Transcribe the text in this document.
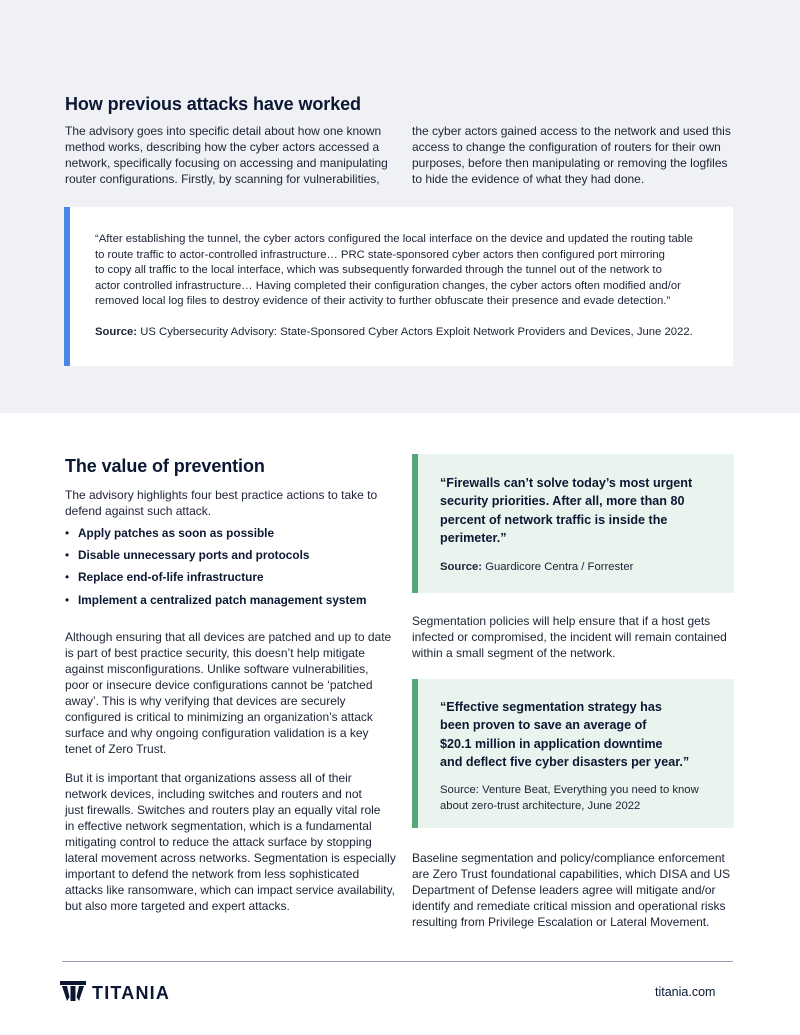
How previous attacks have worked
The advisory goes into specific detail about how one known
method works, describing how the cyber actors accessed a
network, specifically focusing on accessing and manipulating
router configurations. Firstly, by scanning for vulnerabilities,
the cyber actors gained access to the network and used this
access to change the configuration of routers for their own
purposes, before then manipulating or removing the logfiles
to hide the evidence of what they had done.
“After establishing the tunnel, the cyber actors configured the local interface on the device and updated the routing table
to route traffic to actor-controlled infrastructure… PRC state-sponsored cyber actors then configured port mirroring
to copy all traffic to the local interface, which was subsequently forwarded through the tunnel out of the network to
actor controlled infrastructure… Having completed their configuration changes, the cyber actors often modified and/or
removed local log files to destroy evidence of their activity to further obfuscate their presence and evade detection.”
Source: US Cybersecurity Advisory: State-Sponsored Cyber Actors Exploit Network Providers and Devices, June 2022.
The value of prevention
The advisory highlights four best practice actions to take to
defend against such attack.
• Apply patches as soon as possible
• Disable unnecessary ports and protocols
• Replace end-of-life infrastructure
• Implement a centralized patch management system
Although ensuring that all devices are patched and up to date
is part of best practice security, this doesn’t help mitigate
against misconfigurations. Unlike software vulnerabilities,
poor or insecure device configurations cannot be ‘patched
away’. This is why verifying that devices are securely
configured is critical to minimizing an organization’s attack
surface and why ongoing configuration validation is a key
tenet of Zero Trust.
But it is important that organizations assess all of their
network devices, including switches and routers and not
just firewalls. Switches and routers play an equally vital role
in effective network segmentation, which is a fundamental
mitigating control to reduce the attack surface by stopping
lateral movement across networks. Segmentation is especially
important to defend the network from less sophisticated
attacks like ransomware, which can impact service availability,
but also more targeted and expert attacks.
“Firewalls can’t solve today’s most urgent
security priorities. After all, more than 80
percent of network traffic is inside the
perimeter.”
Source: Guardicore Centra / Forrester
Segmentation policies will help ensure that if a host gets
infected or compromised, the incident will remain contained
within a small segment of the network.
“Effective segmentation strategy has
been proven to save an average of
$20.1 million in application downtime
and deflect five cyber disasters per year.”
Source: Venture Beat, Everything you need to know
about zero-trust architecture, June 2022
Baseline segmentation and policy/compliance enforcement
are Zero Trust foundational capabilities, which DISA and US
Department of Defense leaders agree will mitigate and/or
identify and remediate critical mission and operational risks
resulting from Privilege Escalation or Lateral Movement.
TITANIA	titania.com
